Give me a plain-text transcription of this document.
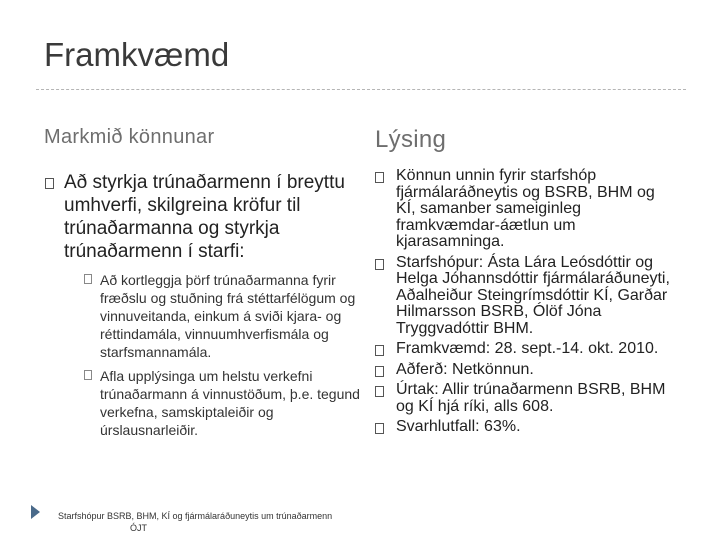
Framkvæmd
Markmið könnunar	Lýsing
Að styrkja trúnaðarmenn í breyttu umhverfi, skilgreina kröfur til trúnaðarmanna og styrkja trúnaðarmenn í starfi:
Að kortleggja þörf trúnaðarmanna fyrir fræðslu og stuðning frá stéttarfélögum og vinnuveitanda, einkum á sviði kjara- og réttindamála, vinnuumhverfismála og starfsmannamála.
Afla upplýsinga um helstu verkefni trúnaðarmann á vinnustöðum, þ.e. tegund verkefna, samskiptaleiðir og úrslausnarleiðir.
Könnun unnin fyrir starfshóp fjármálaráðneytis og BSRB, BHM og KÍ, samanber sameiginleg framkvæmdar-áætlun um kjarasamninga.
Starfshópur: Ásta Lára Leósdóttir og Helga Jóhannsdóttir fjármálaráðuneyti, Aðalheiður Steingrímsdóttir KÍ, Garðar Hilmarsson BSRB, Ólöf Jóna Tryggvadóttir BHM.
Framkvæmd: 28. sept.-14. okt. 2010.
Aðferð: Netkönnun.
Úrtak: Allir trúnaðarmenn BSRB, BHM og KÍ hjá ríki, alls 608.
Svarhlutfall: 63%.
Starfshópur BSRB, BHM, KÍ og fjármálaráðuneytis um trúnaðarmenn
ÓJT
